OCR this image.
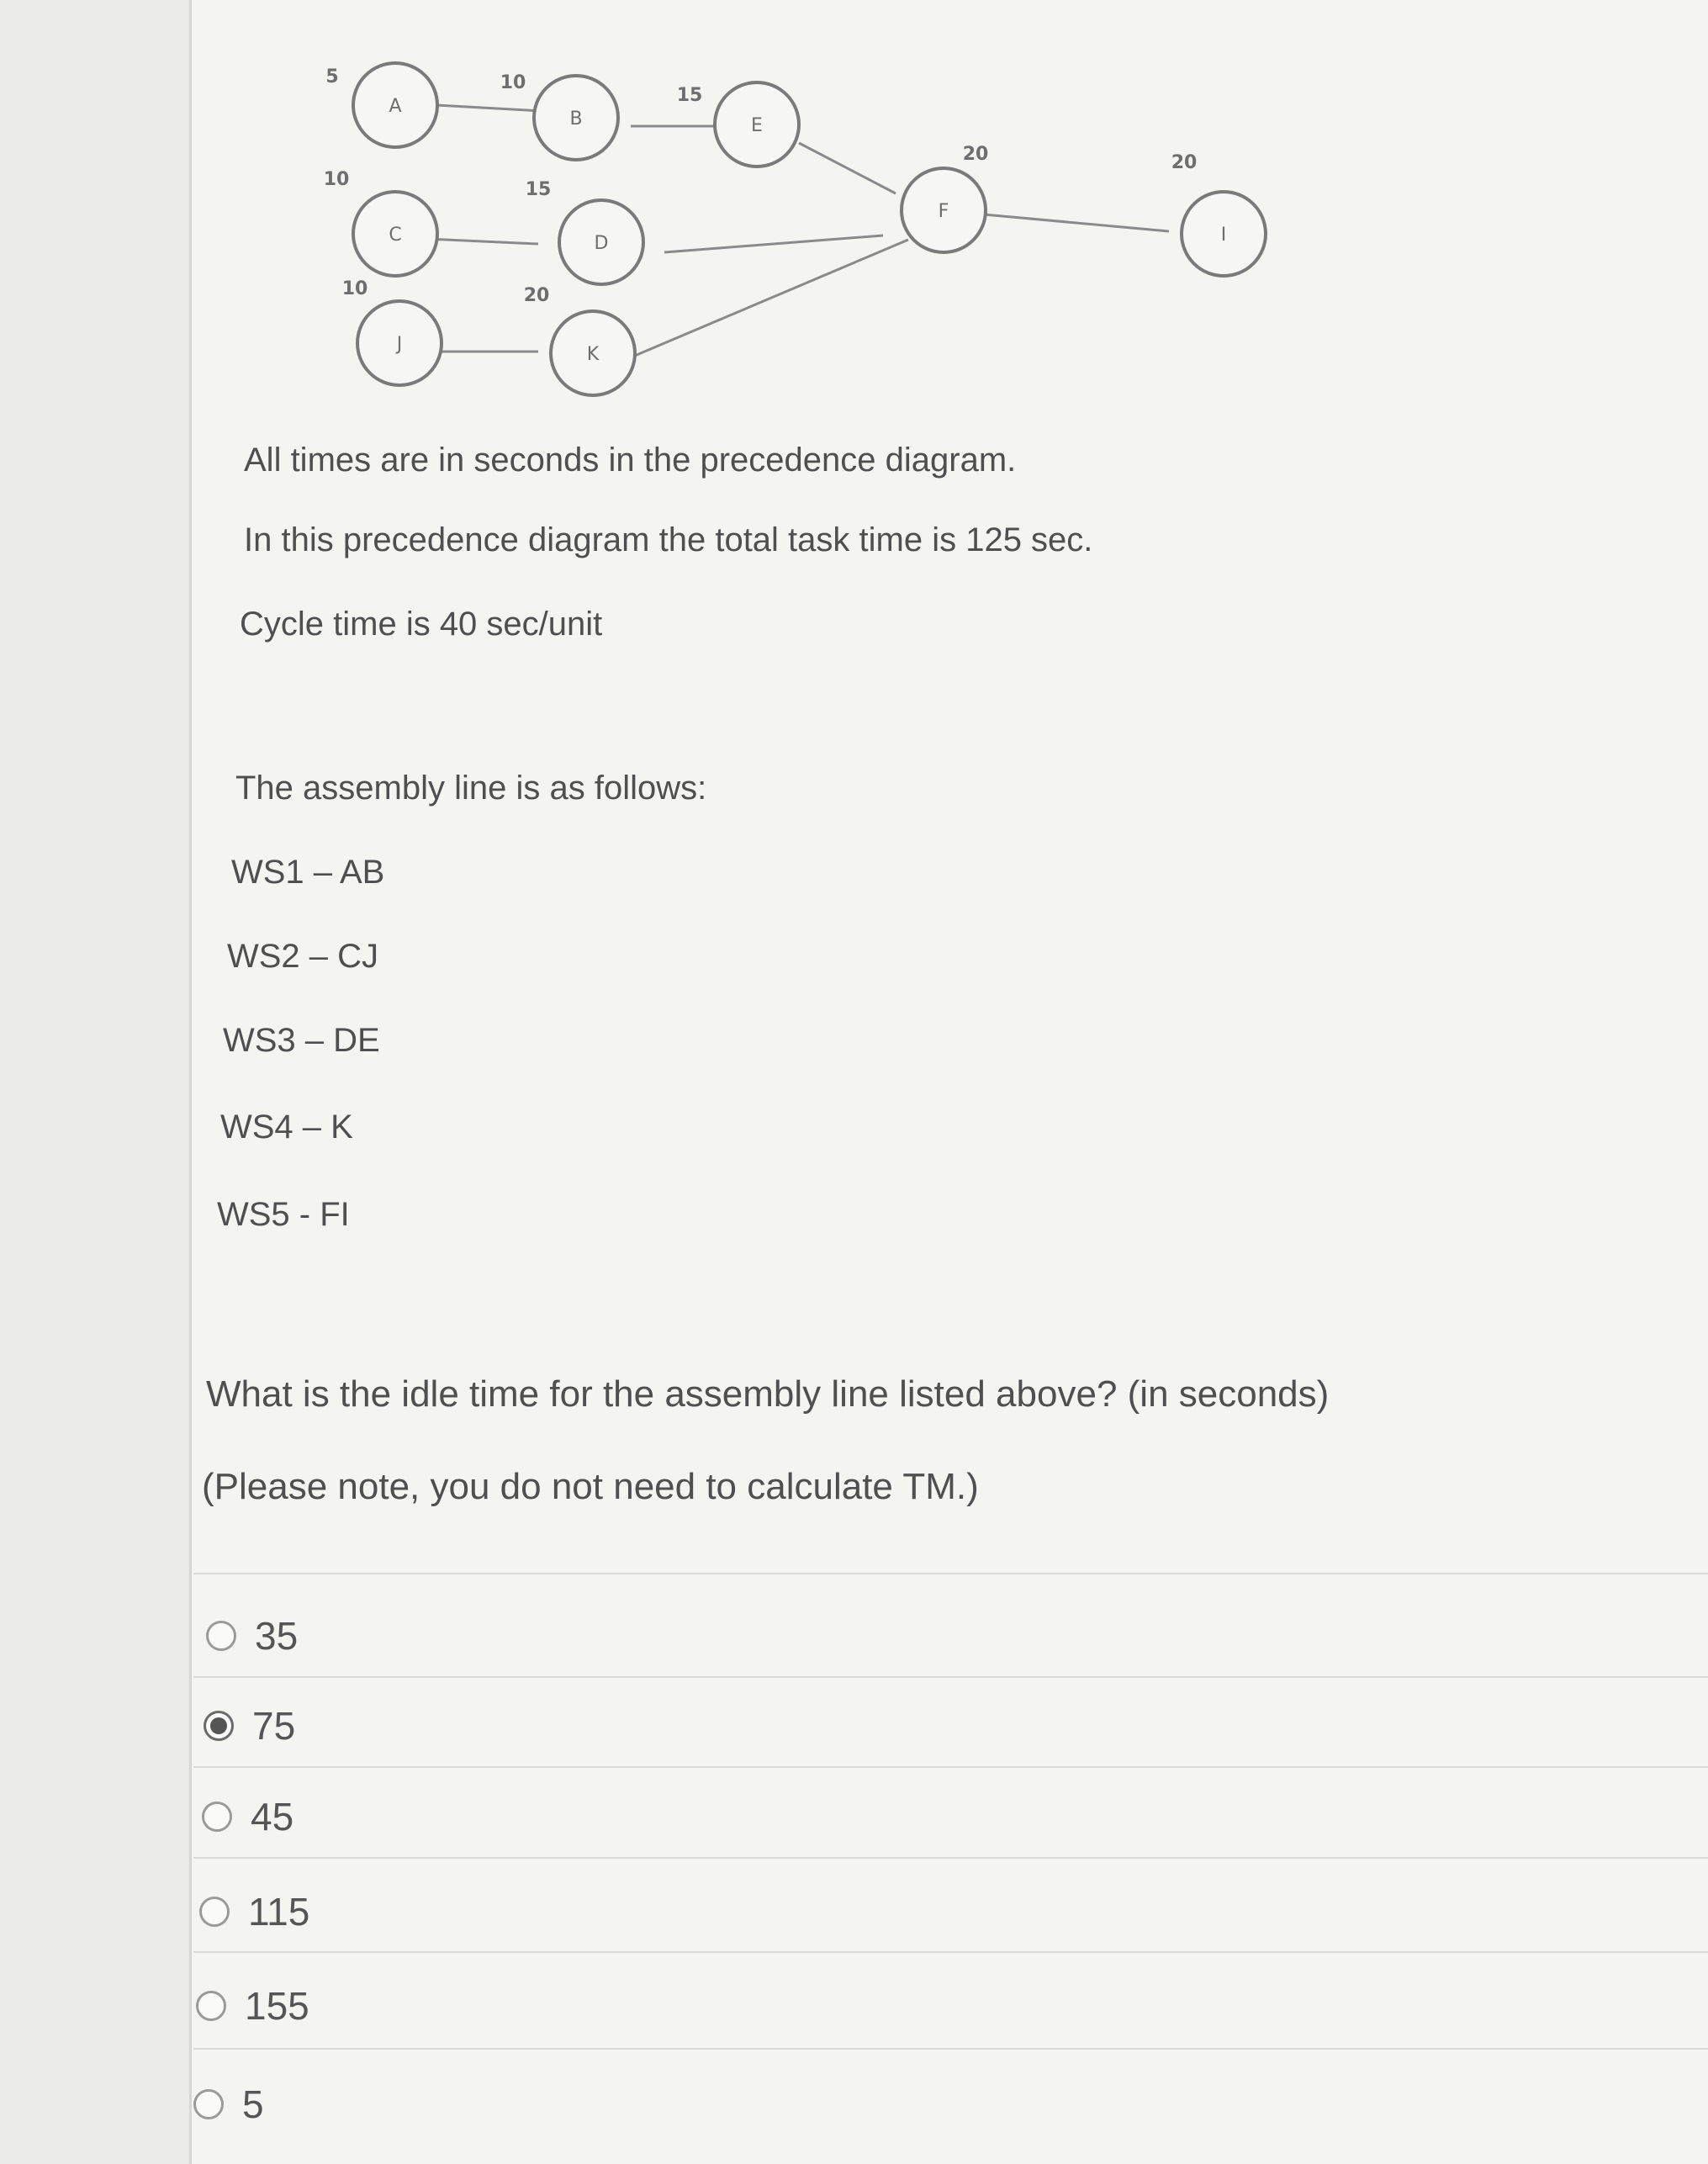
A
B	E
C	D
J	K
F
I
5	10
15
10	15
10	20
20	20
All times are in seconds in the precedence diagram.
In this precedence diagram the total task time is 125 sec.
Cycle time is 40 sec/unit
The assembly line is as follows:
WS1 – AB
WS2 – CJ
WS3 – DE
WS4 – K
WS5 - FI
What is the idle time for the assembly line listed above? (in seconds)
(Please note, you do not need to calculate TM.)
35
75
45
115
155
5
